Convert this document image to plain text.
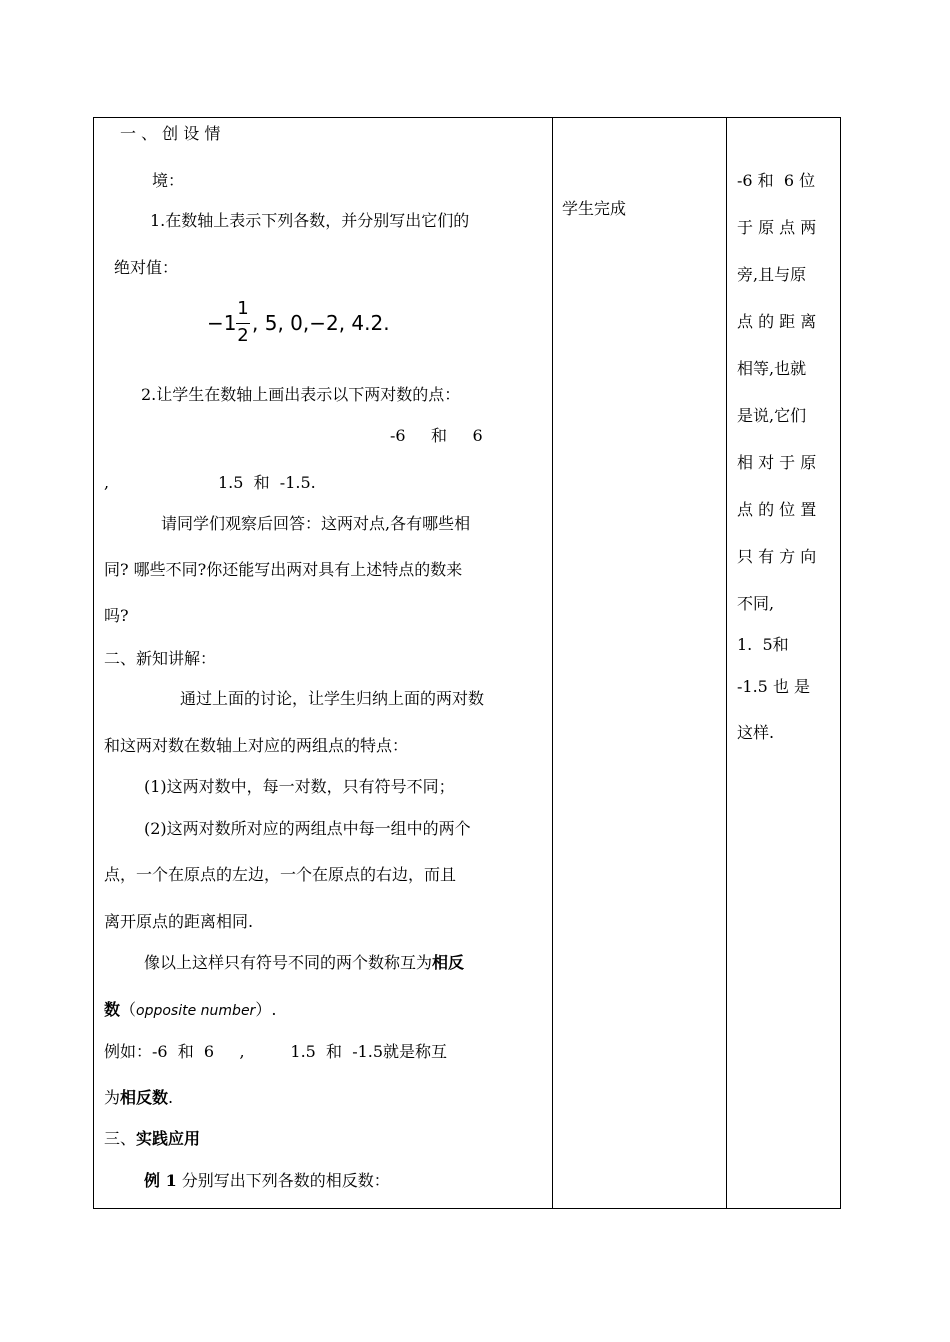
一 、 创 设 情
境：
1.在数轴上表示下列各数，并分别写出它们的
绝对值：
−1
1
2
, 5, 0,−2, 4.2.
2.让学生在数轴上画出表示以下两对数的点：
-6     和     6
,	1.5  和  -1.5.
请同学们观察后回答：这两对点,各有哪些相
同? 哪些不同?你还能写出两对具有上述特点的数来
吗?
二、新知讲解：
通过上面的讨论，让学生归纳上面的两对数
和这两对数在数轴上对应的两组点的特点：
(1)这两对数中，每一对数，只有符号不同；
(2)这两对数所对应的两组点中每一组中的两个
点，一个在原点的左边，一个在原点的右边，而且
离开原点的距离相同.
像以上这样只有符号不同的两个数称互为相反
数（opposite number）.
例如：-6  和  6     ,         1.5  和  -1.5就是称互
为相反数.
三、实践应用
例 1 分别写出下列各数的相反数：
学生完成
-6 和  6 位
于 原 点 两
旁,且与原
点 的 距 离
相等,也就
是说,它们
相 对 于 原
点 的 位 置
只 有 方 向
不同,
1.  5和
-1.5 也 是
这样.
